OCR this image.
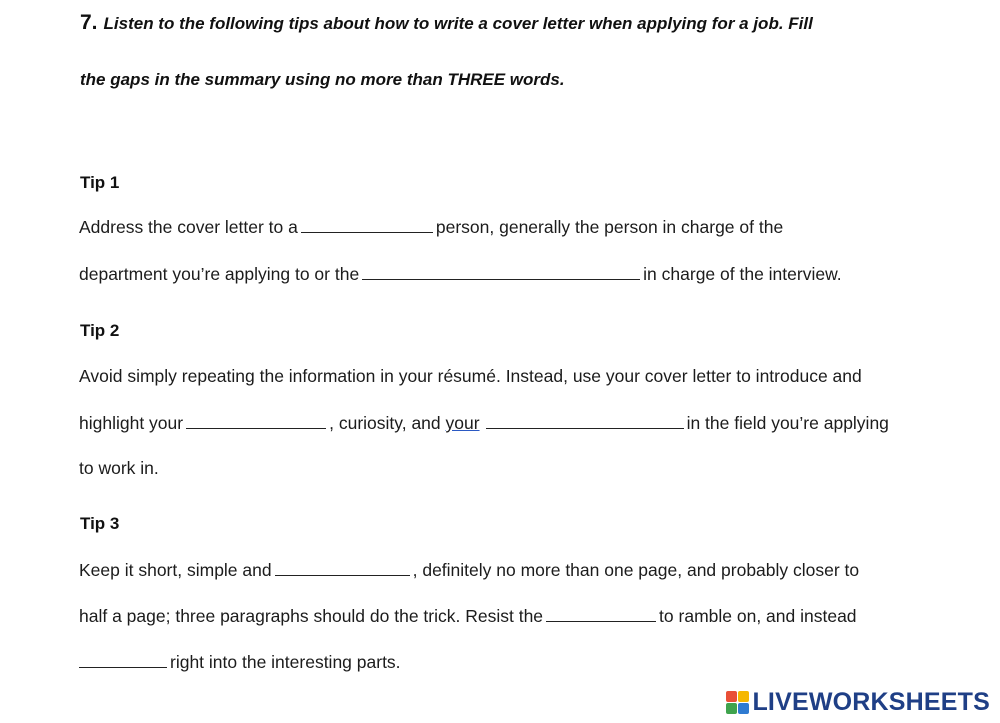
7. Listen to the following tips about how to write a cover letter when applying for a job. Fill
the gaps in the summary using no more than THREE words.
Tip 1
Address the cover letter to a	person, generally the person in charge of the
department you’re applying to or the	in charge of the interview.
Tip 2
Avoid simply repeating the information in your résumé. Instead, use your cover letter to introduce and
highlight your	, curiosity, and your	in the field you’re applying
to work in.
Tip 3
Keep it short, simple and	, definitely no more than one page, and probably closer to
half a page; three paragraphs should do the trick. Resist the	to ramble on, and instead
right into the interesting parts.
LIVEWORKSHEETS
